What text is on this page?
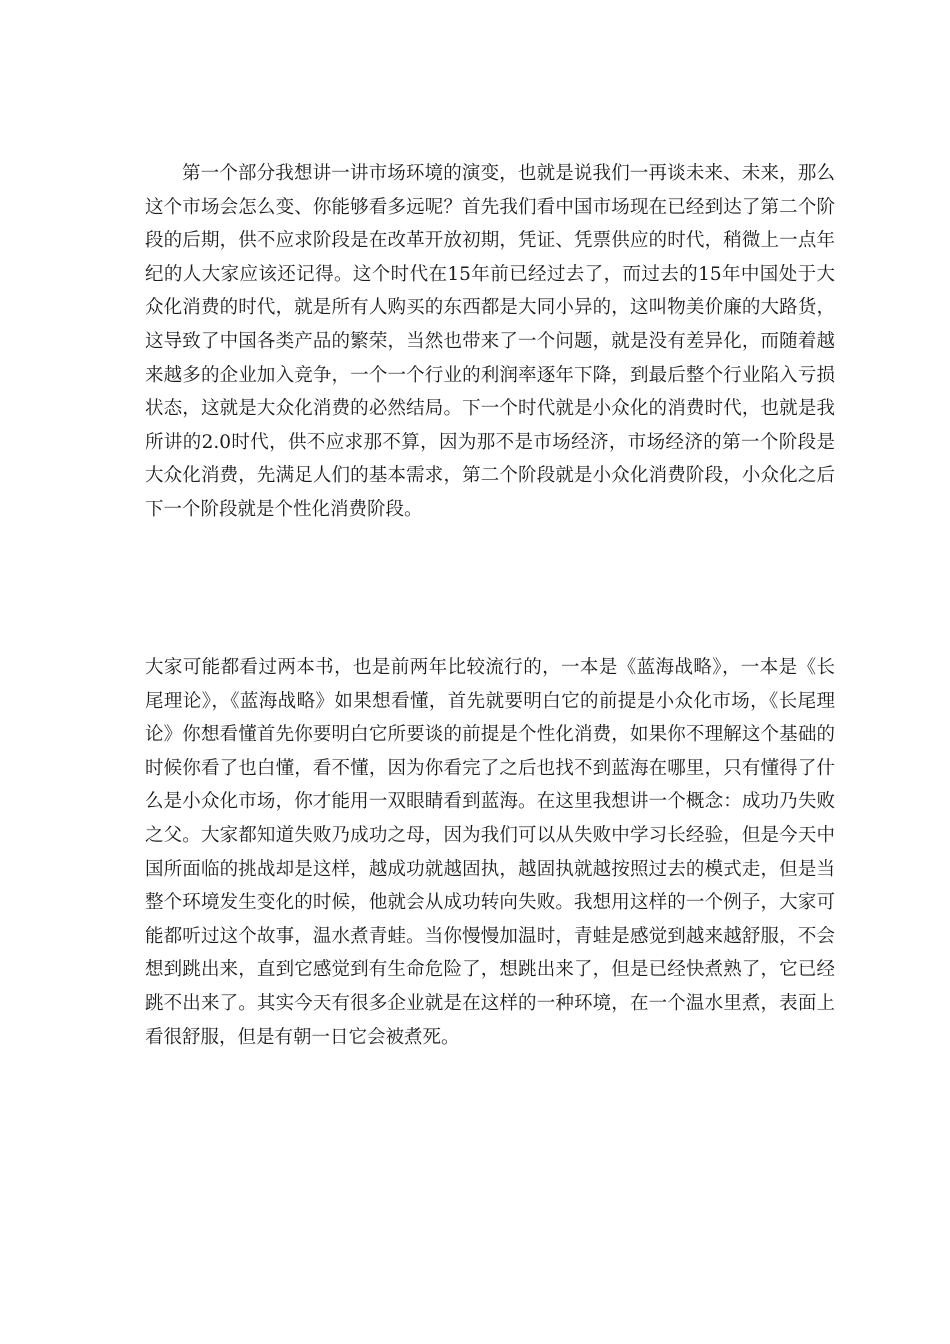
第一个部分我想讲一讲市场环境的演变，也就是说我们一再谈未来、未来，那么这个市场会怎么变、你能够看多远呢？首先我们看中国市场现在已经到达了第二个阶段的后期，供不应求阶段是在改革开放初期，凭证、凭票供应的时代，稍微上一点年纪的人大家应该还记得。这个时代在15年前已经过去了，而过去的15年中国处于大众化消费的时代，就是所有人购买的东西都是大同小异的，这叫物美价廉的大路货，这导致了中国各类产品的繁荣，当然也带来了一个问题，就是没有差异化，而随着越来越多的企业加入竞争，一个一个行业的利润率逐年下降，到最后整个行业陷入亏损状态，这就是大众化消费的必然结局。下一个时代就是小众化的消费时代，也就是我所讲的2.0时代，供不应求那不算，因为那不是市场经济，市场经济的第一个阶段是大众化消费，先满足人们的基本需求，第二个阶段就是小众化消费阶段，小众化之后下一个阶段就是个性化消费阶段。

大家可能都看过两本书，也是前两年比较流行的，一本是《蓝海战略》，一本是《长尾理论》，《蓝海战略》如果想看懂，首先就要明白它的前提是小众化市场，《长尾理论》你想看懂首先你要明白它所要谈的前提是个性化消费，如果你不理解这个基础的时候你看了也白懂，看不懂，因为你看完了之后也找不到蓝海在哪里，只有懂得了什么是小众化市场，你才能用一双眼睛看到蓝海。在这里我想讲一个概念：成功乃失败之父。大家都知道失败乃成功之母，因为我们可以从失败中学习长经验，但是今天中国所面临的挑战却是这样，越成功就越固执，越固执就越按照过去的模式走，但是当整个环境发生变化的时候，他就会从成功转向失败。我想用这样的一个例子，大家可能都听过这个故事，温水煮青蛙。当你慢慢加温时，青蛙是感觉到越来越舒服，不会想到跳出来，直到它感觉到有生命危险了，想跳出来了，但是已经快煮熟了，它已经跳不出来了。其实今天有很多企业就是在这样的一种环境，在一个温水里煮，表面上看很舒服，但是有朝一日它会被煮死。
